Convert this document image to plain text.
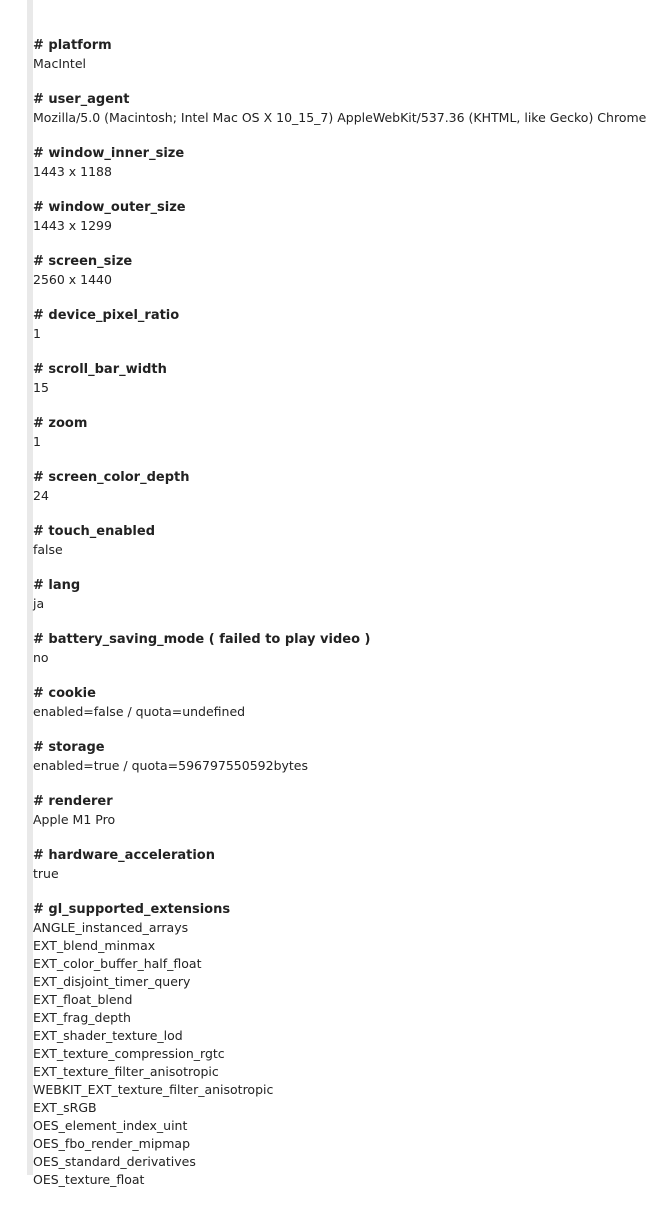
# platform
MacIntel
# user_agent
Mozilla/5.0 (Macintosh; Intel Mac OS X 10_15_7) AppleWebKit/537.36 (KHTML, like Gecko) Chrome
# window_inner_size
1443 x 1188
# window_outer_size
1443 x 1299
# screen_size
2560 x 1440
# device_pixel_ratio
1
# scroll_bar_width
15
# zoom
1
# screen_color_depth
24
# touch_enabled
false
# lang
ja
# battery_saving_mode ( failed to play video )
no
# cookie
enabled=false / quota=undefined
# storage
enabled=true / quota=596797550592bytes
# renderer
Apple M1 Pro
# hardware_acceleration
true
# gl_supported_extensions
ANGLE_instanced_arrays
EXT_blend_minmax
EXT_color_buffer_half_float
EXT_disjoint_timer_query
EXT_float_blend
EXT_frag_depth
EXT_shader_texture_lod
EXT_texture_compression_rgtc
EXT_texture_filter_anisotropic
WEBKIT_EXT_texture_filter_anisotropic
EXT_sRGB
OES_element_index_uint
OES_fbo_render_mipmap
OES_standard_derivatives
OES_texture_float
